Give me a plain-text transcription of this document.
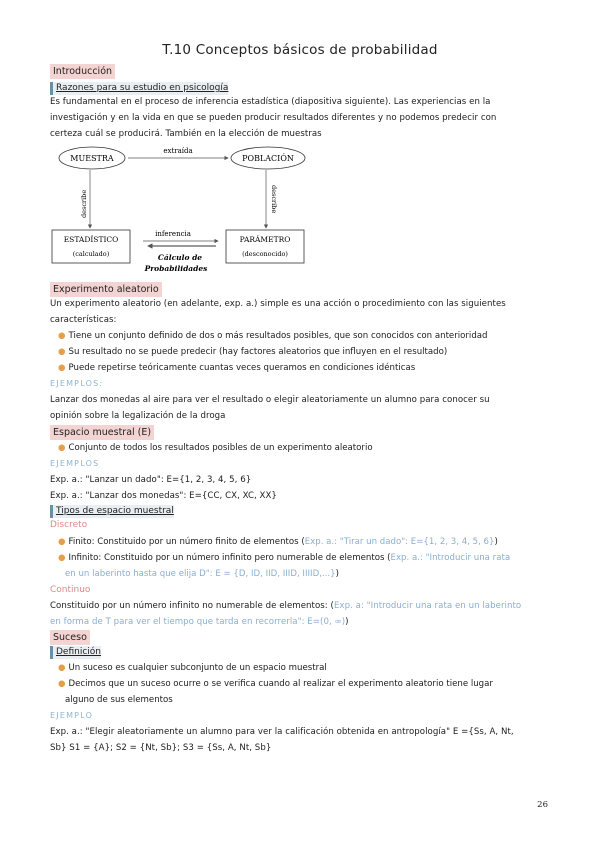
T.10 Conceptos básicos de probabilidad
Introducción
Razones para su estudio en psicología
Es fundamental en el proceso de inferencia estadística (diapositiva siguiente). Las experiencias en la
investigación y en la vida en que se pueden producir resultados diferentes y no podemos predecir con
certeza cuál se producirá. También en la elección de muestras
MUESTRA	POBLACIÓN
extraída
describe	describe
ESTADÍSTICO
(calculado)
PARÁMETRO
(desconocido)
inferencia
Cálculo de
Probabilidades
Experimento aleatorio
Un experimento aleatorio (en adelante, exp. a.) simple es una acción o procedimiento con las siguientes
características:
● Tiene un conjunto definido de dos o más resultados posibles, que son conocidos con anterioridad
● Su resultado no se puede predecir (hay factores aleatorios que influyen en el resultado)
● Puede repetirse teóricamente cuantas veces queramos en condiciones idénticas
EJEMPLOS:
Lanzar dos monedas al aire para ver el resultado o elegir aleatoriamente un alumno para conocer su
opinión sobre la legalización de la droga
Espacio muestral (E)
● Conjunto de todos los resultados posibles de un experimento aleatorio
EJEMPLOS
Exp. a.: "Lanzar un dado": E={1, 2, 3, 4, 5, 6}
Exp. a.: "Lanzar dos monedas": E={CC, CX, XC, XX}
Tipos de espacio muestral
Discreto
● Finito: Constituido por un número finito de elementos (Exp. a.: "Tirar un dado": E={1, 2, 3, 4, 5, 6})
● Infinito: Constituido por un número infinito pero numerable de elementos (Exp. a.: "Introducir una rata
en un laberinto hasta que elija D": E = {D, ID, IID, IIID, IIIID,...})
Continuo
Constituido por un número infinito no numerable de elementos: (Exp. a: "Introducir una rata en un laberinto
en forma de T para ver el tiempo que tarda en recorrerla": E=(0, ∞))
Suceso
Definición
● Un suceso es cualquier subconjunto de un espacio muestral
● Decimos que un suceso ocurre o se verifica cuando al realizar el experimento aleatorio tiene lugar
alguno de sus elementos
EJEMPLO
Exp. a.: "Elegir aleatoriamente un alumno para ver la calificación obtenida en antropología" E ={Ss, A, Nt,
Sb} S1 = {A}; S2 = {Nt, Sb}; S3 = {Ss, A, Nt, Sb}
26
